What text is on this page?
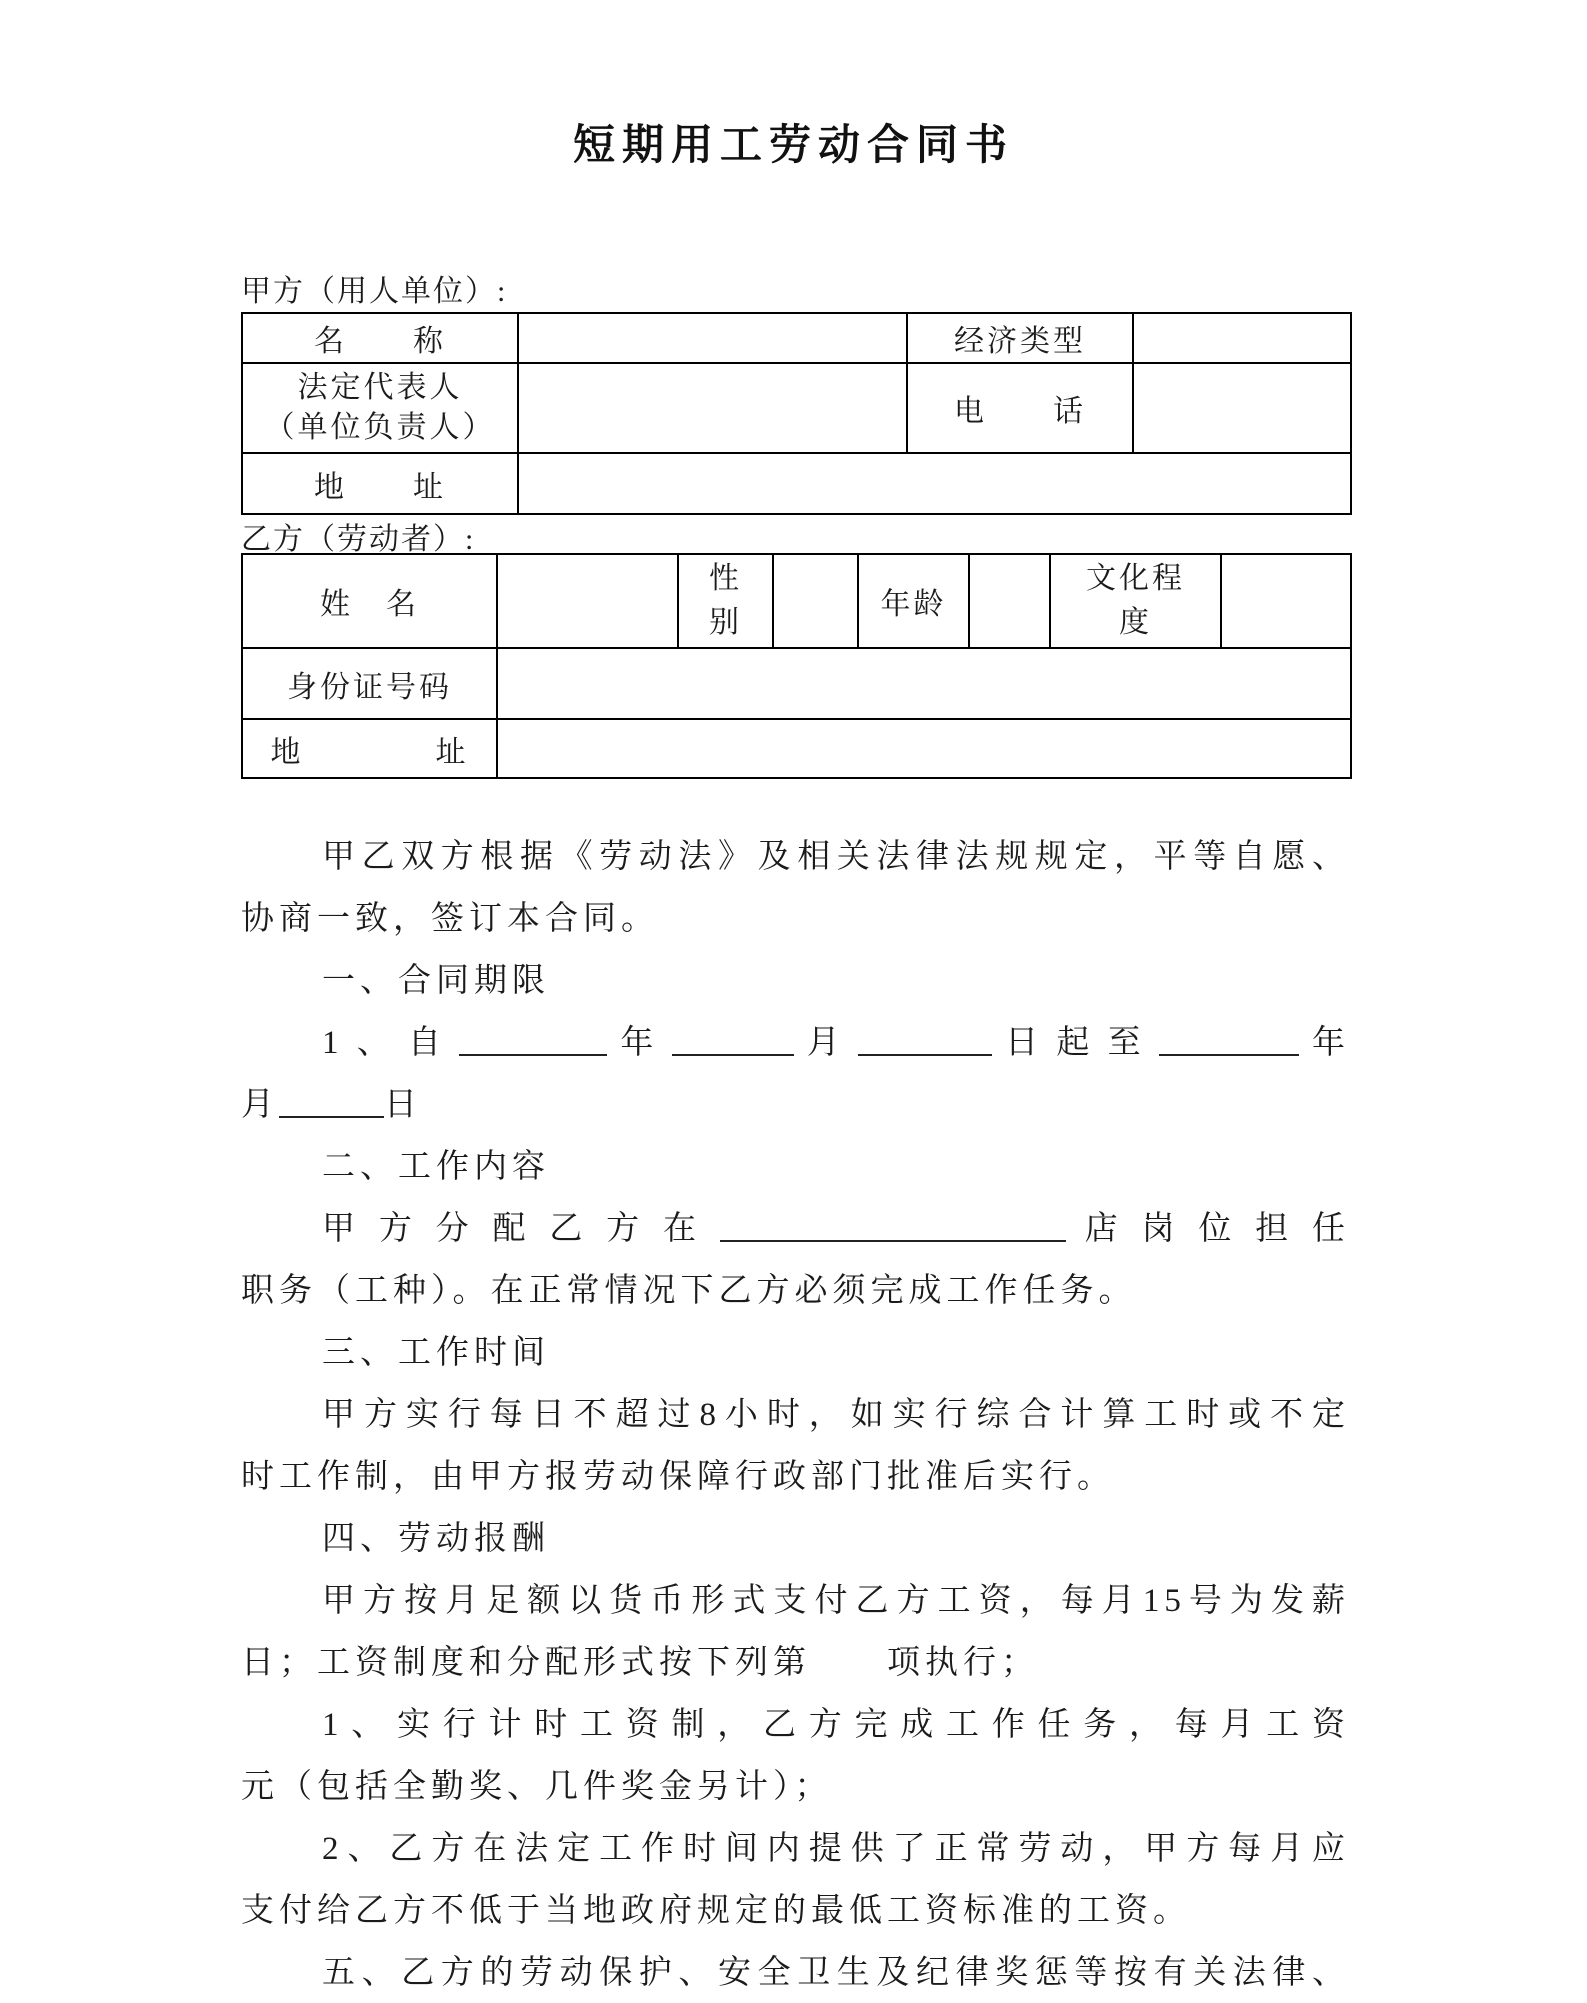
短期用工劳动合同书
甲方（用人单位）:
名　　称		经济类型	

法定代表人
（单位负责人）		电　　话	
地　　址			
乙方（劳动者）:
姓　名		性别		年龄		文化程度	
身份证号码							
地　　　　址							
甲乙双方根据《劳动法》及相关法律法规规定，平等自愿、
协商一致，签订本合同。
一、合同期限
1、自	年	月	日起至	年
月	日
二、工作内容
甲方分配乙方在	店岗位担任
职务（工种）。在正常情况下乙方必须完成工作任务。
三、工作时间
甲方实行每日不超过8小时，如实行综合计算工时或不定
时工作制，由甲方报劳动保障行政部门批准后实行。
四、劳动报酬
甲方按月足额以货币形式支付乙方工资，每月15号为发薪
日；工资制度和分配形式按下列第　　项执行；
1、实行计时工资制，乙方完成工作任务，每月工资
元（包括全勤奖、几件奖金另计）；
2、乙方在法定工作时间内提供了正常劳动，甲方每月应
支付给乙方不低于当地政府规定的最低工资标准的工资。
五、乙方的劳动保护、安全卫生及纪律奖惩等按有关法律、
